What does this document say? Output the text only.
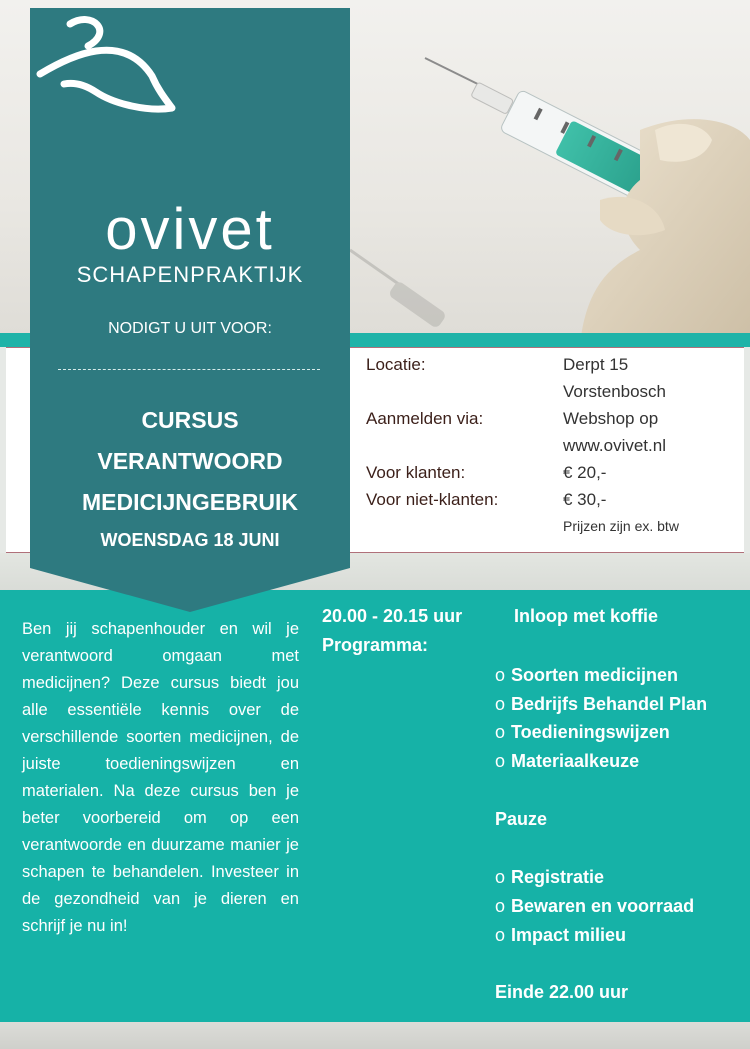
ovivet
SCHAPENPRAKTIJK
NODIGT U UIT VOOR:
CURSUS
VERANTWOORD
MEDICIJNGEBRUIK
WOENSDAG 18 JUNI
Locatie:	Derpt 15
Vorstenbosch
Aanmelden via:	Webshop op
www.ovivet.nl
Voor klanten:	€ 20,-
Voor niet-klanten:	€ 30,-
Prijzen zijn ex. btw
Ben jij schapenhouder en wil je verantwoord omgaan met medicijnen? Deze cursus biedt jou alle essentiële kennis over de verschillende soorten medicijnen, de juiste toedieningswijzen en materialen. Na deze cursus ben je beter voorbereid om op een verantwoorde en duurzame manier je schapen te behandelen. Investeer in de gezondheid van je dieren en schrijf je nu in!
20.00 - 20.15 uur	Inloop met koffie
Programma:
o Soorten medicijnen
o Bedrijfs Behandel Plan
o Toedieningswijzen
o Materiaalkeuze
Pauze
o Registratie
o Bewaren en voorraad
o Impact milieu
Einde 22.00 uur
